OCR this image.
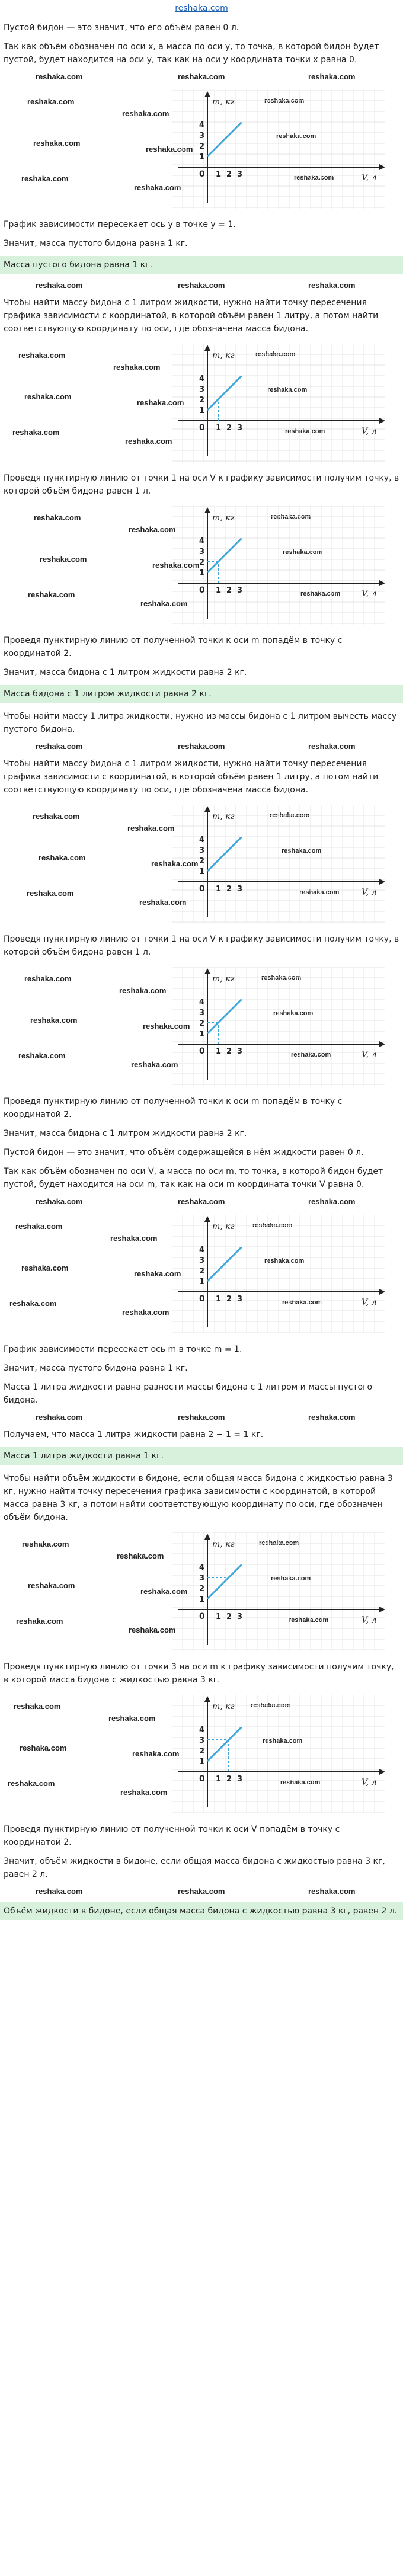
reshaka.com

Пустой бидон — это значит, что его объём равен 0 л.

Так как объём обозначен по оси x, а масса по оси y, то точка, в которой бидон будет пустой, будет находится на оси y, так как на оси y координата точки x равна 0.

reshaka.com	reshaka.com	reshaka.com
reshaka.com
reshaka.com
reshaka.com
reshaka.com
reshaka.com
reshaka.com
reshaka.com
reshaka.com
reshaka.com
m, кг
V, л
0
4
3
2
1
1 2 3

График зависимости пересекает ось y в точке y = 1.

Значит, масса пустого бидона равна 1 кг.

Масса пустого бидона равна 1 кг.

reshaka.com	reshaka.com	reshaka.com

Чтобы найти массу бидона с 1 литром жидкости, нужно найти точку пересечения графика зависимости с координатой, в которой объём равен 1 литру, а потом найти соответствующую координату по оси, где обозначена масса бидона.

reshaka.com
reshaka.com
reshaka.com
reshaka.com
reshaka.com
reshaka.com
reshaka.com
reshaka.com
reshaka.com
m, кг
V, л
0
4
3
2
1
1 2 3

Проведя пунктирную линию от точки 1 на оси V к графику зависимости получим точку, в которой объём бидона равен 1 л.

reshaka.com
reshaka.com
reshaka.com
reshaka.com
reshaka.com
reshaka.com
reshaka.com
reshaka.com
reshaka.com
m, кг
V, л
0
4
3
2
1
1 2 3

Проведя пунктирную линию от полученной точки к оси m попадём в точку с координатой 2.

Значит, масса бидона с 1 литром жидкости равна 2 кг.

Масса бидона с 1 литром жидкости равна 2 кг.

Чтобы найти массу 1 литра жидкости, нужно из массы бидона с 1 литром вычесть массу пустого бидона.

reshaka.com	reshaka.com	reshaka.com

Чтобы найти массу бидона с 1 литром жидкости, нужно найти точку пересечения графика зависимости с координатой, в которой объём равен 1 литру, а потом найти соответствующую координату по оси, где обозначена масса бидона.

reshaka.com
reshaka.com
reshaka.com
reshaka.com
reshaka.com
reshaka.com
reshaka.com
reshaka.com
reshaka.com
m, кг
V, л
0
4
3
2
1
1 2 3

Проведя пунктирную линию от точки 1 на оси V к графику зависимости получим точку, в которой объём бидона равен 1 л.

reshaka.com
reshaka.com
reshaka.com
reshaka.com
reshaka.com
reshaka.com
reshaka.com
reshaka.com
reshaka.com
m, кг
V, л
0
4
3
2
1
1 2 3

Проведя пунктирную линию от полученной точки к оси m попадём в точку с координатой 2.

Значит, масса бидона с 1 литром жидкости равна 2 кг.

Пустой бидон — это значит, что объём содержащейся в нём жидкости равен 0 л.

Так как объём обозначен по оси V, а масса по оси m, то точка, в которой бидон будет пустой, будет находится на оси m, так как на оси m координата точки V равна 0.

reshaka.com	reshaka.com	reshaka.com
reshaka.com
reshaka.com
reshaka.com
reshaka.com
reshaka.com
reshaka.com
reshaka.com
reshaka.com
reshaka.com
m, кг
V, л
0
4
3
2
1
1 2 3

График зависимости пересекает ось m в точке m = 1.

Значит, масса пустого бидона равна 1 кг.

Масса 1 литра жидкости равна разности массы бидона с 1 литром и массы пустого бидона.

reshaka.com	reshaka.com	reshaka.com

Получаем, что масса 1 литра жидкости равна 2 − 1 = 1 кг.

Масса 1 литра жидкости равна 1 кг.

Чтобы найти объём жидкости в бидоне, если общая масса бидона с жидкостью равна 3 кг, нужно найти точку пересечения графика зависимости с координатой, в которой масса равна 3 кг, а потом найти соответствующую координату по оси, где обозначен объём бидона.

reshaka.com
reshaka.com
reshaka.com
reshaka.com
reshaka.com
reshaka.com
reshaka.com
reshaka.com
reshaka.com
m, кг
V, л
0
4
3
2
1
1 2 3

Проведя пунктирную линию от точки 3 на оси m к графику зависимости получим точку, в которой масса бидона с жидкостью равна 3 кг.

reshaka.com
reshaka.com
reshaka.com
reshaka.com
reshaka.com
reshaka.com
reshaka.com
reshaka.com
reshaka.com
m, кг
V, л
0
4
3
2
1
1 2 3

Проведя пунктирную линию от полученной точки к оси V попадём в точку с координатой 2.

Значит, объём жидкости в бидоне, если общая масса бидона с жидкостью равна 3 кг, равен 2 л.

reshaka.com	reshaka.com	reshaka.com

Объём жидкости в бидоне, если общая масса бидона с жидкостью равна 3 кг, равен 2 л.
